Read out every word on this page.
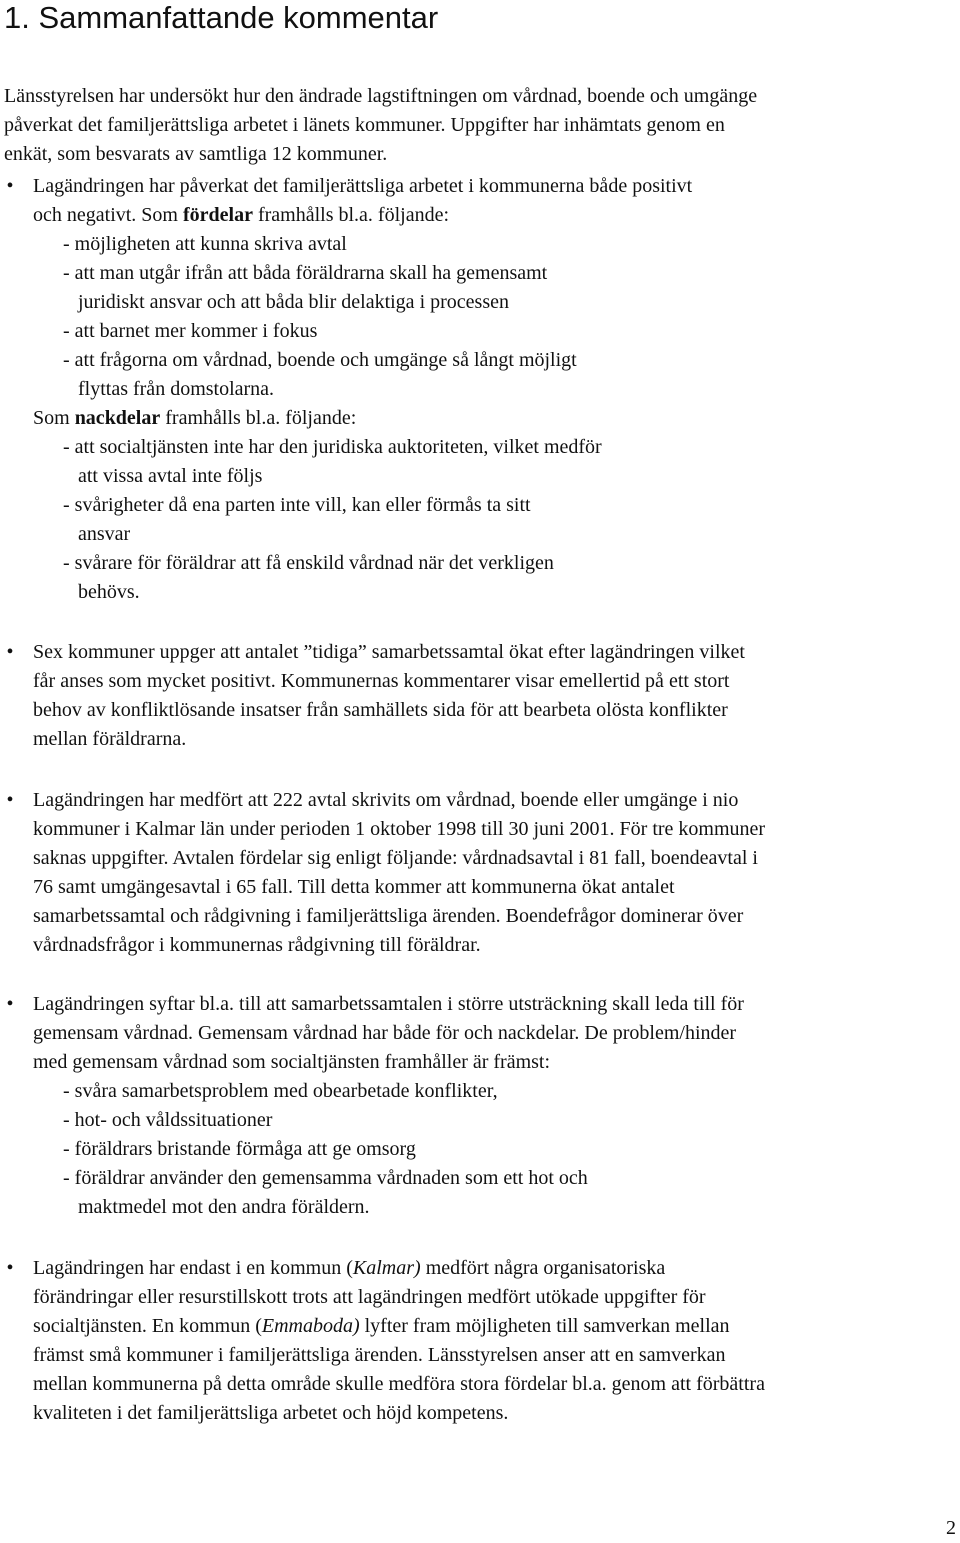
1. Sammanfattande kommentar

Länsstyrelsen har undersökt hur den ändrade lagstiftningen om vårdnad, boende och umgänge
påverkat det familjerättsliga arbetet i länets kommuner. Uppgifter har inhämtats genom en
enkät, som besvarats av samtliga 12 kommuner.

• Lagändringen har påverkat det familjerättsliga arbetet i kommunerna både positivt
och negativt. Som fördelar framhålls bl.a. följande:
- möjligheten att kunna skriva avtal
- att man utgår ifrån att båda föräldrarna skall ha gemensamt
juridiskt ansvar och att båda blir delaktiga i processen
- att barnet mer kommer i fokus
- att frågorna om vårdnad, boende och umgänge så långt möjligt
flyttas från domstolarna.
Som nackdelar framhålls bl.a. följande:
- att socialtjänsten inte har den juridiska auktoriteten, vilket medför
att vissa avtal inte följs
- svårigheter då ena parten inte vill, kan eller förmås ta sitt
ansvar
- svårare för föräldrar att få enskild vårdnad när det verkligen
behövs.
• Sex kommuner uppger att antalet ”tidiga” samarbetssamtal ökat efter lagändringen vilket
får anses som mycket positivt. Kommunernas kommentarer visar emellertid på ett stort
behov av konfliktlösande insatser från samhällets sida för att bearbeta olösta konflikter
mellan föräldrarna.
• Lagändringen har medfört att 222 avtal skrivits om vårdnad, boende eller umgänge i nio
kommuner i Kalmar län under perioden 1 oktober 1998 till 30 juni 2001. För tre kommuner
saknas uppgifter. Avtalen fördelar sig enligt följande: vårdnadsavtal i 81 fall, boendeavtal i
76 samt umgängesavtal i 65 fall. Till detta kommer att kommunerna ökat antalet
samarbetssamtal och rådgivning i familjerättsliga ärenden. Boendefrågor dominerar över
vårdnadsfrågor i kommunernas rådgivning till föräldrar.
• Lagändringen syftar bl.a. till att samarbetssamtalen i större utsträckning skall leda till för
gemensam vårdnad. Gemensam vårdnad har både för och nackdelar. De problem/hinder
med gemensam vårdnad som socialtjänsten framhåller är främst:
- svåra samarbetsproblem med obearbetade konflikter,
- hot- och våldssituationer
- föräldrars bristande förmåga att ge omsorg
- föräldrar använder den gemensamma vårdnaden som ett hot och
maktmedel mot den andra föräldern.
• Lagändringen har endast i en kommun (Kalmar) medfört några organisatoriska
förändringar eller resurstillskott trots att lagändringen medfört utökade uppgifter för
socialtjänsten. En kommun (Emmaboda) lyfter fram möjligheten till samverkan mellan
främst små kommuner i familjerättsliga ärenden. Länsstyrelsen anser att en samverkan
mellan kommunerna på detta område skulle medföra stora fördelar bl.a. genom att förbättra
kvaliteten i det familjerättsliga arbetet och höjd kompetens.

2
